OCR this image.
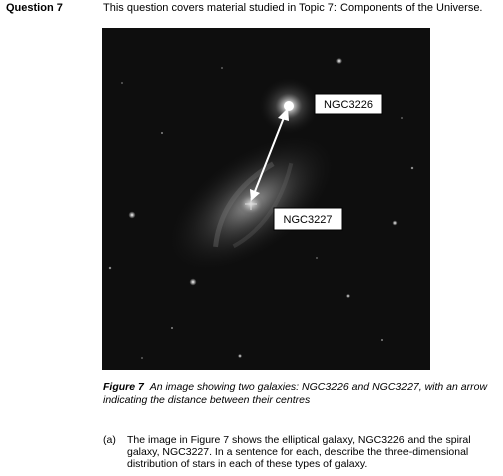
Question 7	This question covers material studied in Topic 7: Components of the Universe.
NGC3226
NGC3227
Figure 7 An image showing two galaxies: NGC3226 and NGC3227, with an arrow indicating the distance between their centres
(a) The image in Figure 7 shows the elliptical galaxy, NGC3226 and the spiral galaxy, NGC3227. In a sentence for each, describe the three-dimensional distribution of stars in each of these types of galaxy.
